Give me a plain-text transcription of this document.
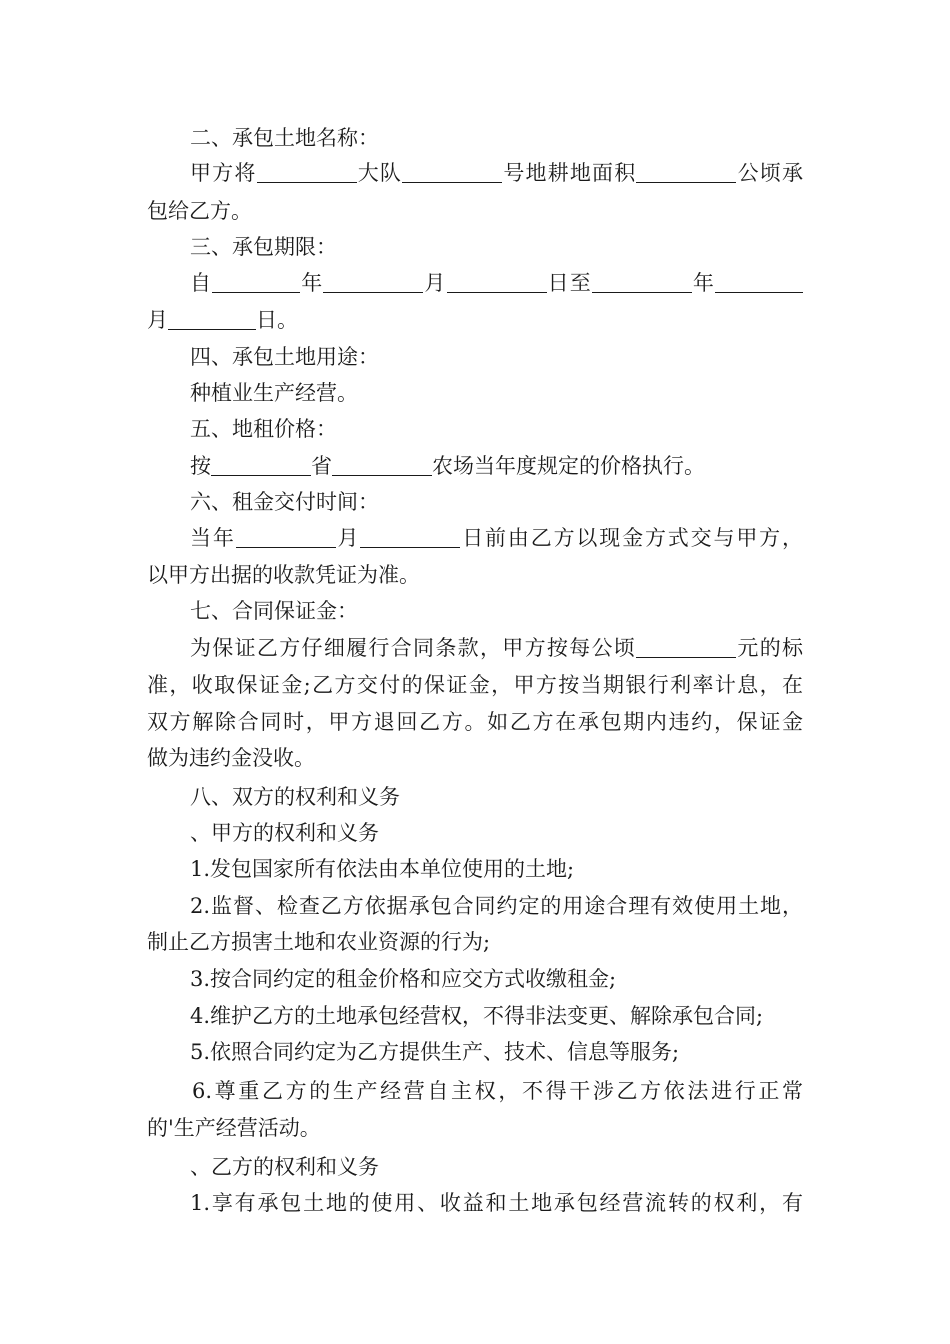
二、承包土地名称：
甲方将	大队	号地耕地面积	公顷承
包给乙方。
三、承包期限：
自	年	月	日至	年
月	日。
四、承包土地用途：
种植业生产经营。
五、地租价格：
按	省	农场当年度规定的价格执行。
六、租金交付时间：
当年	月	日前由乙方以现金方式交与甲方，
以甲方出据的收款凭证为准。
七、合同保证金：
为保证乙方仔细履行合同条款，甲方按每公顷	元的标
准，收取保证金;乙方交付的保证金，甲方按当期银行利率计息，在
双方解除合同时，甲方退回乙方。如乙方在承包期内违约，保证金
做为违约金没收。
八、双方的权利和义务
、甲方的权利和义务
1.发包国家所有依法由本单位使用的土地;
2.监督、检查乙方依据承包合同约定的用途合理有效使用土地，
制止乙方损害土地和农业资源的行为;
3.按合同约定的租金价格和应交方式收缴租金;
4.维护乙方的土地承包经营权，不得非法变更、解除承包合同;
5.依照合同约定为乙方提供生产、技术、信息等服务;
6.尊重乙方的生产经营自主权，不得干涉乙方依法进行正常
的'生产经营活动。
、乙方的权利和义务
1.享有承包土地的使用、收益和土地承包经营流转的权利，有
